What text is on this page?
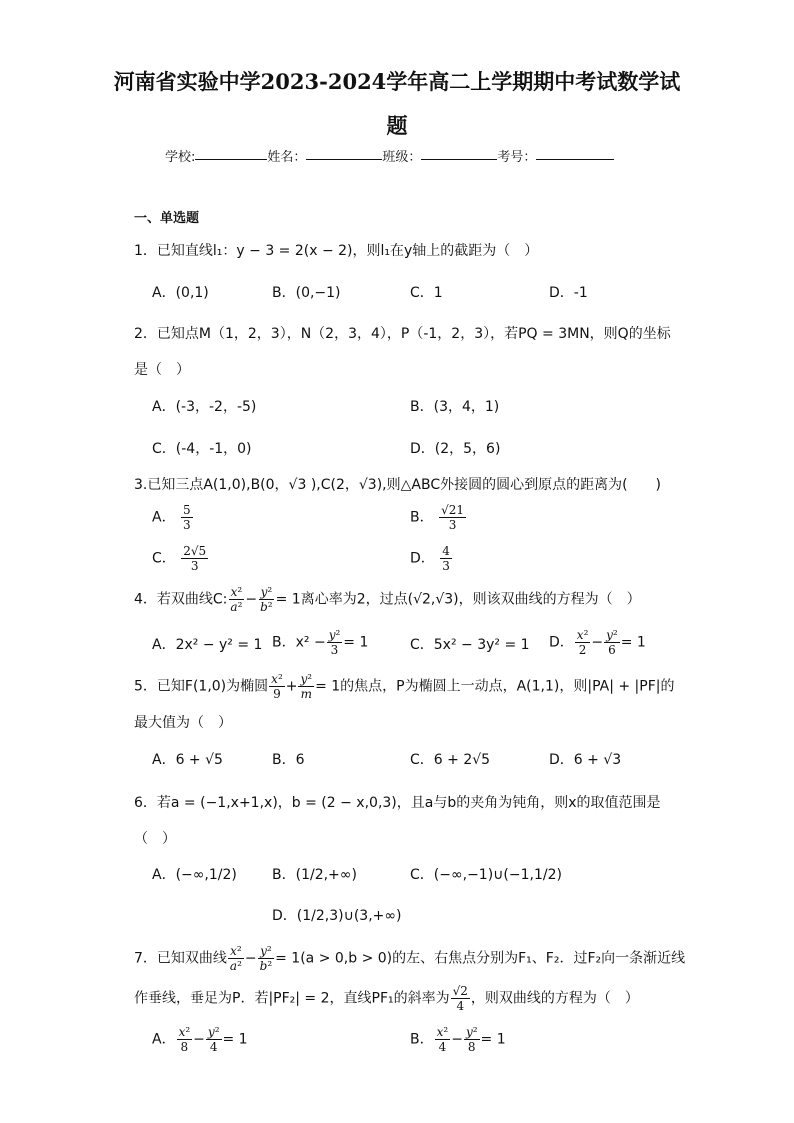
河南省实验中学2023-2024学年高二上学期期中考试数学试
题
学校:	姓名：	班级：	考号：
一、单选题
1．已知直线l₁：y − 3 = 2(x − 2)，则l₁在y轴上的截距为（　）
A．(0,1)	B．(0,−1)	C．1	D．-1
2．已知点M（1，2，3），N（2，3，4），P（-1，2，3），若PQ = 3MN，则Q的坐标
是（　）
A．(-3，-2，-5)	B．(3，4，1)
C．(-4，-1，0)	D．(2，5，6)
3.已知三点A(1,0),B(0，√3 ),C(2，√3),则△ABC外接圆的圆心到原点的距离为(　　)
A． $\frac{5}{3}$	B． $\frac{√21}{3}$
C． $\frac{2√5}{3}$	D． $\frac{4}{3}$
4．若双曲线C: $\frac{\text{x²}}{\text{a²}} - \frac{\text{y²}}{\text{b²}} = 1$离心率为2，过点(√2,√3)，则该双曲线的方程为（　）
A．2x² − y² = 1 B．$x^2 - \frac{\text{y²}}{3} = 1$	C．5x² − 3y² = 1 D． $\frac{\text{x²}}{2} - \frac{\text{y²}}{6} = 1$
5．已知F(1,0)为椭圆 $\frac{\text{x²}}{9} + \frac{\text{y²}}{m} = 1$的焦点，P为椭圆上一动点，A(1,1)，则|PA| + |PF|的
最大值为（　）
A．6 + √5	B．6	C．6 + 2√5	D．6 + √3
6．若a = (−1,x+1,x)，b = (2 − x,0,3)，且a与b的夹角为钝角，则x的取值范围是
（　）
A．(−∞,1/2)	B．(1/2,+∞)	C．(−∞,−1)∪(−1,1/2)
D．(1/2,3)∪(3,+∞)
7．已知双曲线 $\frac{\text{x²}}{\text{a²}} - \frac{\text{y²}}{\text{b²}} = 1(a > 0,b > 0)$的左、右焦点分别为F₁、F₂．过F₂向一条渐近线
作垂线，垂足为P．若|PF₂| = 2，直线PF₁的斜率为 $\frac{√2}{4}$ ，则双曲线的方程为（　）
A． $\frac{\text{x²}}{8} - \frac{\text{y²}}{4} = 1$	B． $\frac{\text{x²}}{4} - \frac{\text{y²}}{8} = 1$
